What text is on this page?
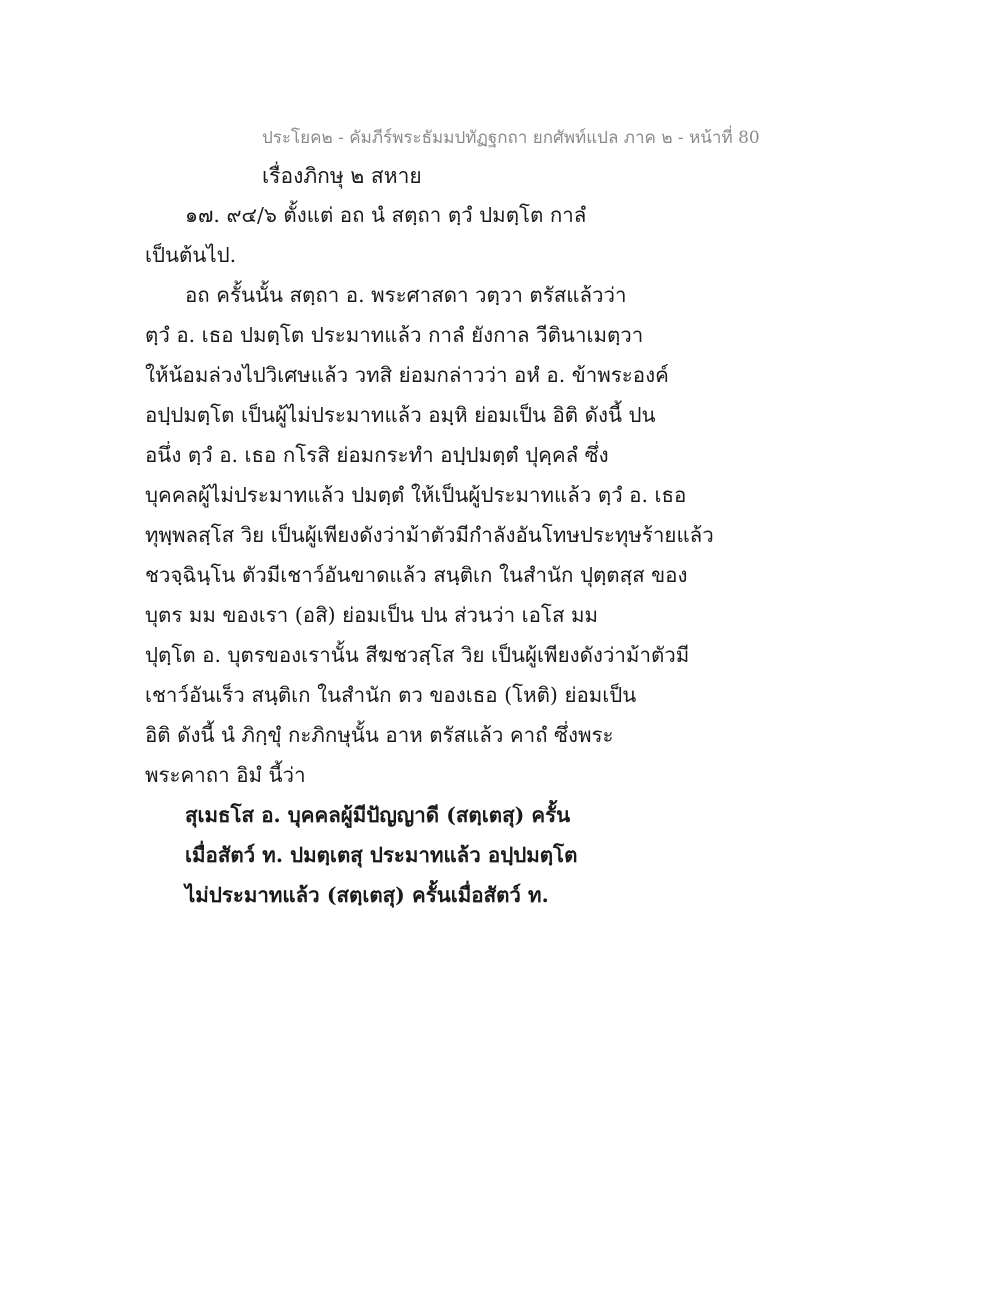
ประโยค๒ - คัมภีร์พระธัมมปทัฏฐกถา ยกศัพท์แปล ภาค ๒ - หน้าที่ 80
เรื่องภิกษุ ๒ สหาย
๑๗. ๙๔/๖ ตั้งแต่ อถ นํ สตฺถา ตฺวํ ปมตฺโต กาลํ
เป็นต้นไป.
อถ ครั้นนั้น สตฺถา อ. พระศาสดา วตฺวา ตรัสแล้วว่า
ตฺวํ อ. เธอ ปมตฺโต ประมาทแล้ว กาลํ ยังกาล วีตินาเมตฺวา
ให้น้อมล่วงไปวิเศษแล้ว วทสิ ย่อมกล่าวว่า อหํ อ. ข้าพระองค์
อปฺปมตฺโต เป็นผู้ไม่ประมาทแล้ว อมฺหิ ย่อมเป็น อิติ ดังนี้ ปน
อนึ่ง ตฺวํ อ. เธอ กโรสิ ย่อมกระทำ อปฺปมตฺตํ ปุคฺคลํ ซึ่ง
บุคคลผู้ไม่ประมาทแล้ว ปมตฺตํ ให้เป็นผู้ประมาทแล้ว ตฺวํ อ. เธอ
ทุพฺพลสฺโส วิย เป็นผู้เพียงดังว่าม้าตัวมีกำลังอันโทษประทุษร้ายแล้ว
ชวจฺฉินฺโน ตัวมีเชาว์อันขาดแล้ว สนฺติเก ในสำนัก ปุตฺตสฺส ของ
บุตร มม ของเรา (อสิ) ย่อมเป็น ปน ส่วนว่า เอโส มม
ปุตฺโต อ. บุตรของเรานั้น สีฆชวสฺโส วิย เป็นผู้เพียงดังว่าม้าตัวมี
เชาว์อันเร็ว สนฺติเก ในสำนัก ตว ของเธอ (โหติ) ย่อมเป็น
อิติ ดังนี้ นํ ภิกฺขุํ กะภิกษุนั้น อาห ตรัสแล้ว คาถํ ซึ่งพระ
พระคาถา อิมํ นี้ว่า
สุเมธโส อ. บุคคลผู้มีปัญญาดี (สตฺเตสุ) ครั้น
เมื่อสัตว์ ท. ปมตฺเตสุ ประมาทแล้ว อปฺปมตฺโต
ไม่ประมาทแล้ว (สตฺเตสุ) ครั้นเมื่อสัตว์ ท.
